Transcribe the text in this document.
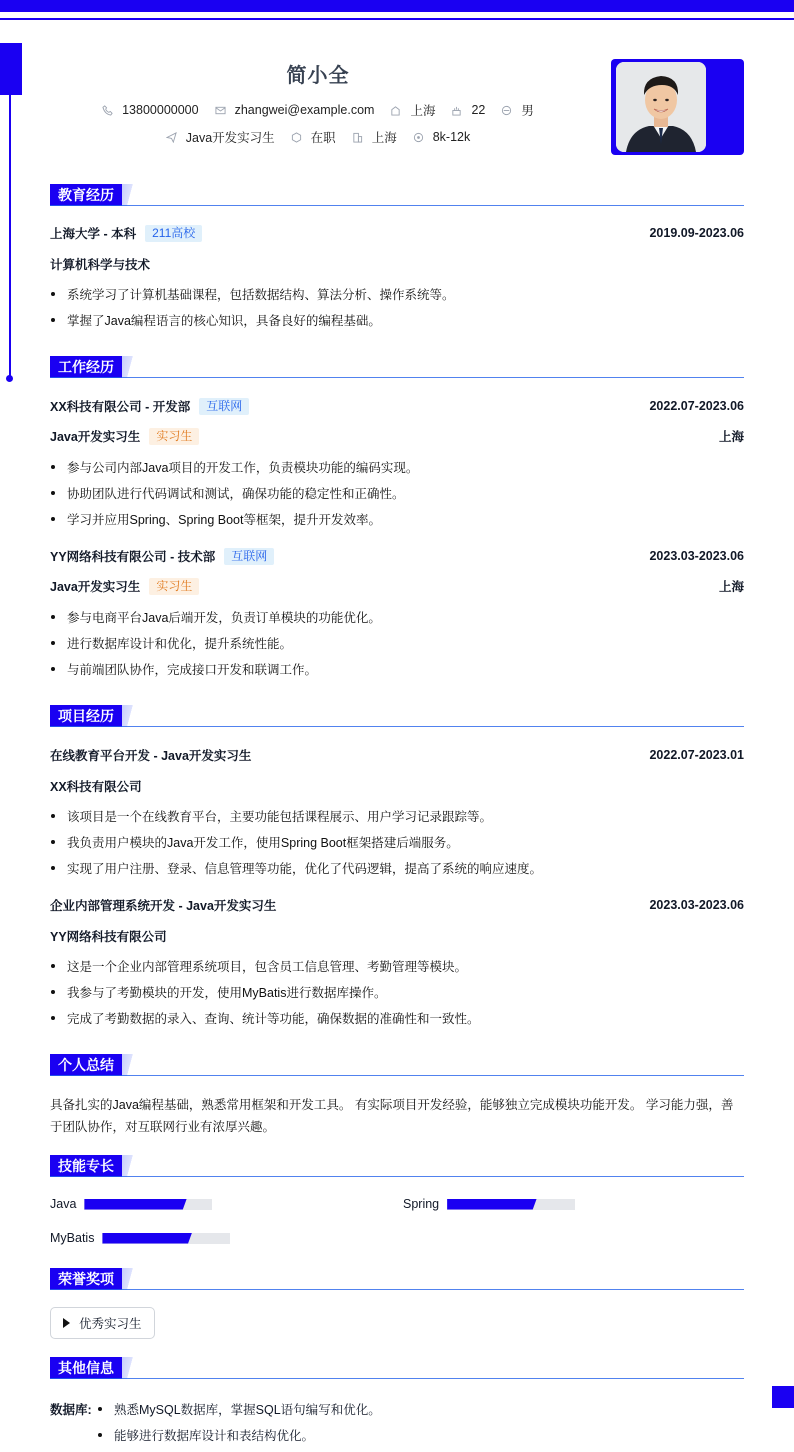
简小全
13800000000	zhangwei@example.com	上海	22	男
Java开发实习生	在职	上海	8k-12k
教育经历
上海大学 - 本科	211高校	2019.09-2023.06
计算机科学与技术
系统学习了计算机基础课程，包括数据结构、算法分析、操作系统等。
掌握了Java编程语言的核心知识，具备良好的编程基础。
工作经历
XX科技有限公司 - 开发部	互联网	2022.07-2023.06
Java开发实习生	实习生	上海
参与公司内部Java项目的开发工作，负责模块功能的编码实现。
协助团队进行代码调试和测试，确保功能的稳定性和正确性。
学习并应用Spring、Spring Boot等框架，提升开发效率。
YY网络科技有限公司 - 技术部	互联网	2023.03-2023.06
Java开发实习生	实习生	上海
参与电商平台Java后端开发，负责订单模块的功能优化。
进行数据库设计和优化，提升系统性能。
与前端团队协作，完成接口开发和联调工作。
项目经历
在线教育平台开发 - Java开发实习生	2022.07-2023.01
XX科技有限公司
该项目是一个在线教育平台，主要功能包括课程展示、用户学习记录跟踪等。
我负责用户模块的Java开发工作，使用Spring Boot框架搭建后端服务。
实现了用户注册、登录、信息管理等功能，优化了代码逻辑，提高了系统的响应速度。
企业内部管理系统开发 - Java开发实习生	2023.03-2023.06
YY网络科技有限公司
这是一个企业内部管理系统项目，包含员工信息管理、考勤管理等模块。
我参与了考勤模块的开发，使用MyBatis进行数据库操作。
完成了考勤数据的录入、查询、统计等功能，确保数据的准确性和一致性。
个人总结
具备扎实的Java编程基础，熟悉常用框架和开发工具。 有实际项目开发经验，能够独立完成模块功能开发。 学习能力强，善于团队协作，对互联网行业有浓厚兴趣。
技能专长
Java	Spring
MyBatis
荣誉奖项
优秀实习生
其他信息
数据库:	熟悉MySQL数据库，掌握SQL语句编写和优化。
能够进行数据库设计和表结构优化。
